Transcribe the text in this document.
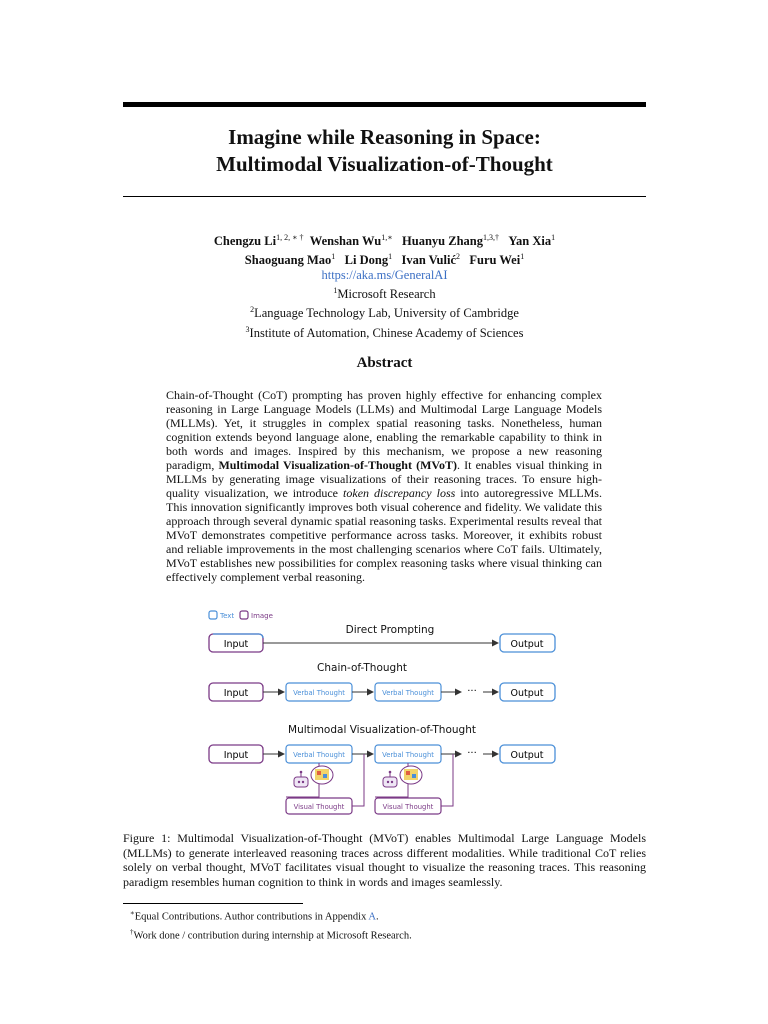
Imagine while Reasoning in Space:
Multimodal Visualization-of-Thought
Chengzu $Li^{1, 2, ∗ \dagger}$ Wenshan $Wu^{1,∗}$ Huanyu Zhang$^{1,3,\dagger}$ Yan Xia$^1$
Shaoguang Mao$^1$ Li Dong$^1$ Ivan Vulić$^2$ Furu Wei$^1$
https://aka.ms/GeneralAI
$^1$Microsoft Research
$^2$Language Technology Lab, University of Cambridge
$^3$Institute of Automation, Chinese Academy of Sciences
Abstract
Chain-of-Thought (CoT) prompting has proven highly effective for enhancing complex reasoning in Large Language Models (LLMs) and Multimodal Large Language Models (MLLMs). Yet, it struggles in complex spatial reasoning tasks. Nonetheless, human cognition extends beyond language alone, enabling the remarkable capability to think in both words and images. Inspired by this mechanism, we propose a new reasoning paradigm, Multimodal Visualization-of-Thought (MVoT). It enables visual thinking in MLLMs by generating image visualizations of their reasoning traces. To ensure high-quality visualization, we introduce token discrepancy loss into autoregressive MLLMs. This innovation significantly improves both visual coherence and fidelity. We validate this approach through several dynamic spatial reasoning tasks. Experimental results reveal that MVoT demonstrates competitive performance across tasks. Moreover, it exhibits robust and reliable improvements in the most challenging scenarios where CoT fails. Ultimately, MVoT establishes new possibilities for complex reasoning tasks where visual thinking can effectively complement verbal reasoning.
Text Image
Direct Prompting
Input	Output
Chain-of-Thought
Input	Verbal Thought	Verbal Thought	···	Output
Multimodal Visualization-of-Thought
Input	Verbal Thought	Verbal Thought	···	Output
Visual Thought	Visual Thought
Figure 1: Multimodal Visualization-of-Thought (MVoT) enables Multimodal Large Language Models (MLLMs) to generate interleaved reasoning traces across different modalities. While traditional CoT relies solely on verbal thought, MVoT facilitates visual thought to visualize the reasoning traces. This reasoning paradigm resembles human cognition to think in words and images seamlessly.
∗Equal Contributions. Author contributions in Appendix A.
†Work done / contribution during internship at Microsoft Research.
